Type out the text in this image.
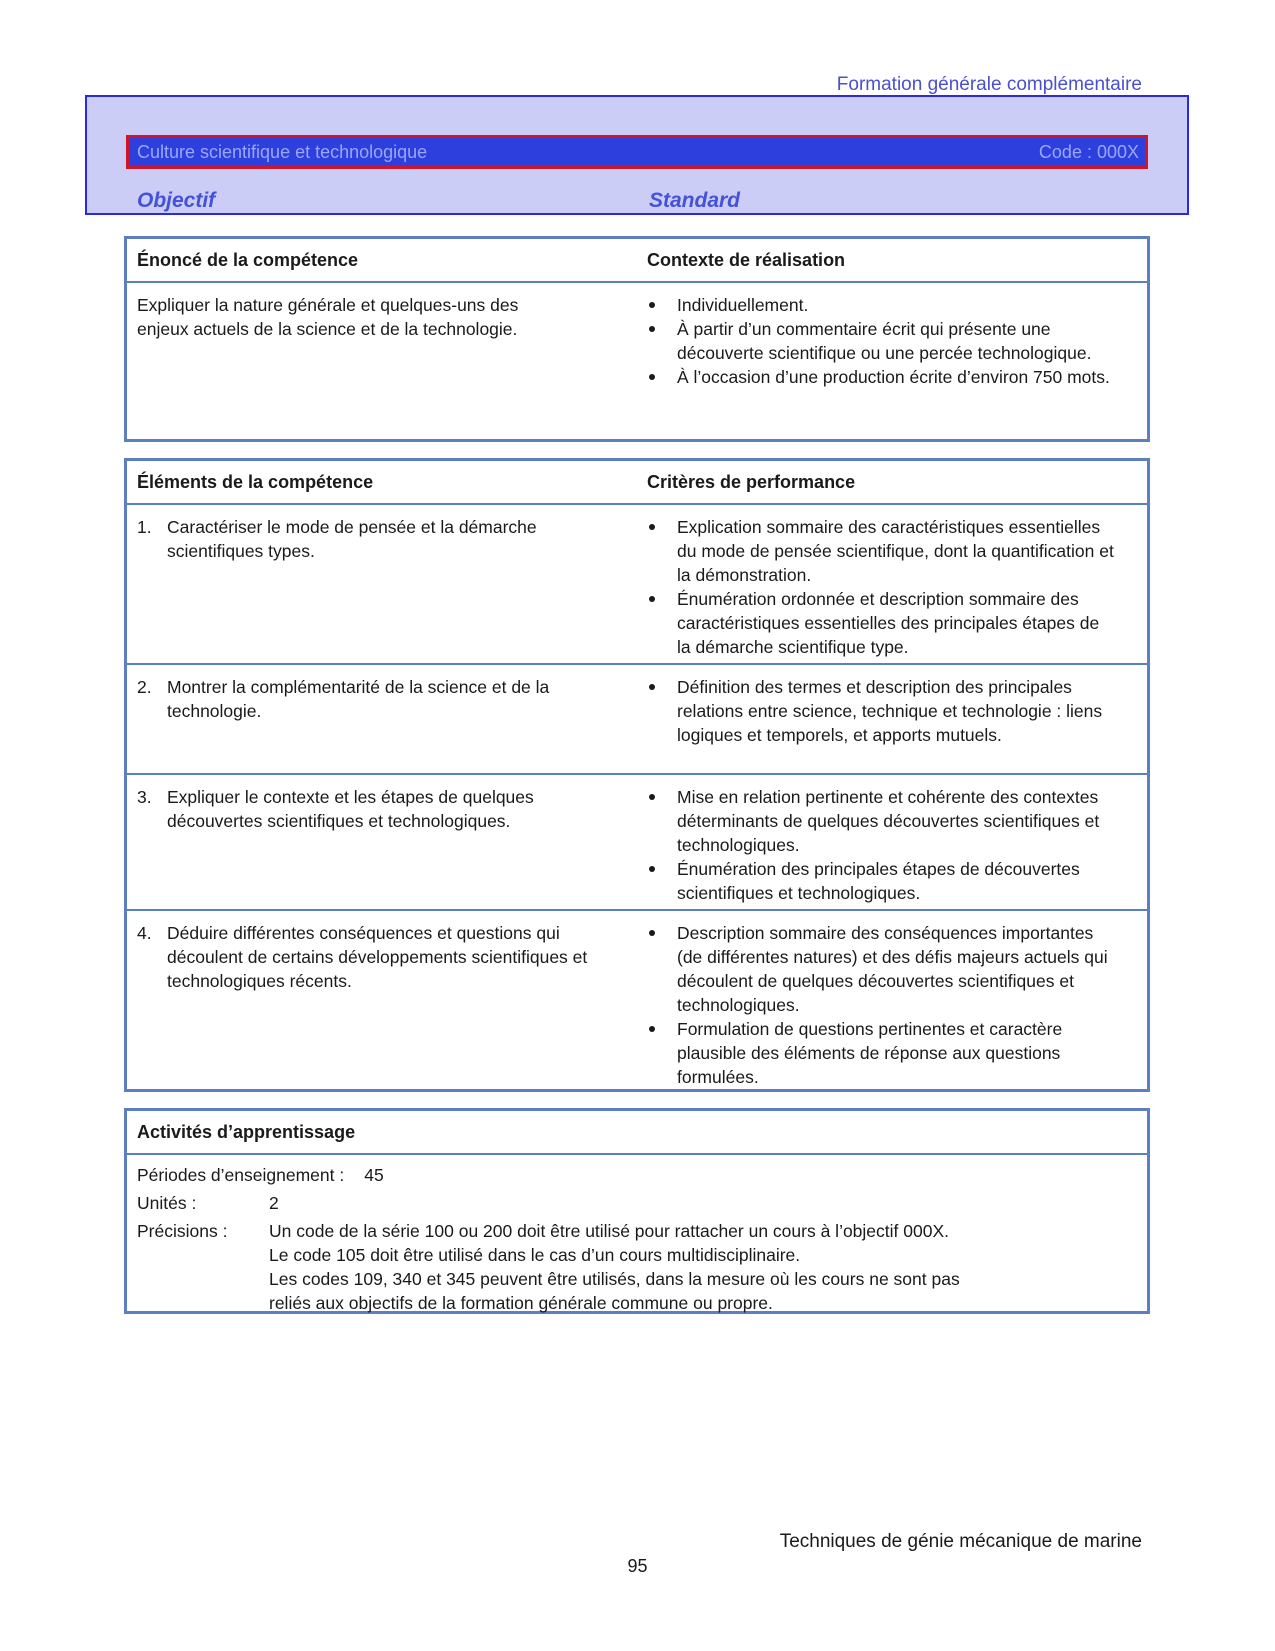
Formation générale complémentaire
Culture scientifique et technologique	Code : 000X
Objectif	Standard
Énoncé de la compétence	Contexte de réalisation
Expliquer la nature générale et quelques-uns des
enjeux actuels de la science et de la technologie.
Individuellement.
À partir d’un commentaire écrit qui présente une découverte scientifique ou une percée technologique.
À l’occasion d’une production écrite d’environ 750 mots.
Éléments de la compétence	Critères de performance
1. Caractériser le mode de pensée et la démarche scientifiques types.
Explication sommaire des caractéristiques essentielles du mode de pensée scientifique, dont la quantification et la démonstration.
Énumération ordonnée et description sommaire des caractéristiques essentielles des principales étapes de la démarche scientifique type.
2. Montrer la complémentarité de la science et de la technologie.
Définition des termes et description des principales relations entre science, technique et technologie : liens logiques et temporels, et apports mutuels.
3. Expliquer le contexte et les étapes de quelques découvertes scientifiques et technologiques.
Mise en relation pertinente et cohérente des contextes déterminants de quelques découvertes scientifiques et technologiques.
Énumération des principales étapes de découvertes scientifiques et technologiques.
4. Déduire différentes conséquences et questions qui découlent de certains développements scientifiques et technologiques récents.
Description sommaire des conséquences importantes (de différentes natures) et des défis majeurs actuels qui découlent de quelques découvertes scientifiques et technologiques.
Formulation de questions pertinentes et caractère plausible des éléments de réponse aux questions formulées.
Activités d’apprentissage
Périodes d’enseignement : 45
Unités :	2
Précisions :	Un code de la série 100 ou 200 doit être utilisé pour rattacher un cours à l’objectif 000X.
Le code 105 doit être utilisé dans le cas d’un cours multidisciplinaire.
Les codes 109, 340 et 345 peuvent être utilisés, dans la mesure où les cours ne sont pas
reliés aux objectifs de la formation générale commune ou propre.
Techniques de génie mécanique de marine
95
